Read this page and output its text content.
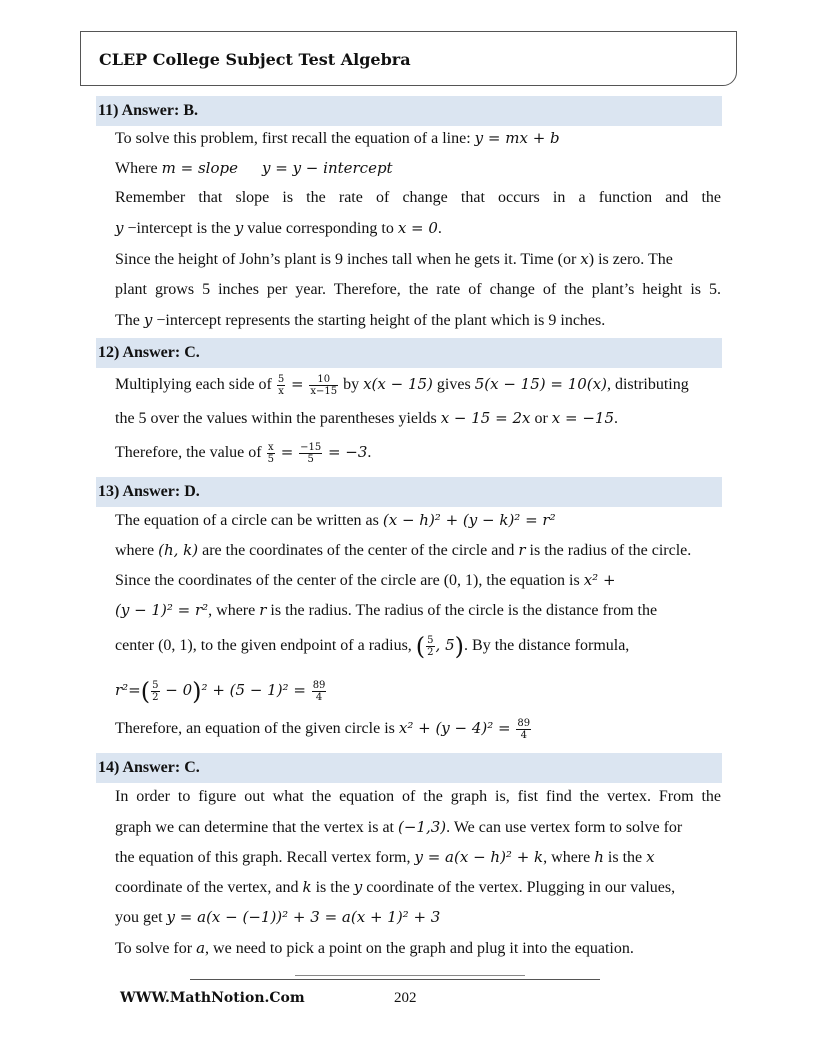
CLEP College Subject Test Algebra
11) Answer: B.
To solve this problem, first recall the equation of a line: y = mx + b
Where m = slope y = y − intercept
Remember that slope is the rate of change that occurs in a function and the
y −intercept is the y value corresponding to x = 0.
Since the height of John’s plant is 9 inches tall when he gets it. Time (or x) is zero. The
plant grows 5 inches per year. Therefore, the rate of change of the plant’s height is 5.
The y −intercept represents the starting height of the plant which is 9 inches.
12) Answer: C.
Multiplying each side of $\frac{5}{x} = \frac{10}{x-15}$ by x(x − 15) gives 5(x − 15) = 10(x), distributing
the 5 over the values within the parentheses yields x − 15 = 2x or x = −15.
Therefore, the value of $\frac{x}{5} = \frac{-15}{5} = -3$.
13) Answer: D.
The equation of a circle can be written as (x − h)² + (y − k)² = r²
where (h, k) are the coordinates of the center of the circle and r is the radius of the circle.
Since the coordinates of the center of the circle are (0, 1), the equation is x² +
(y − 1)² = r², where r is the radius. The radius of the circle is the distance from the
center (0, 1), to the given endpoint of a radius, ( $\frac{5}{2}$ , 5). By the distance formula,
$r^2=( \frac{5}{2} - 0)^2 + (5 - 1)^2 = \frac{89}{4}$
Therefore, an equation of the given circle is $x^2 + (y - 4)^2 = \frac{89}{4}$
14) Answer: C.
In order to figure out what the equation of the graph is, fist find the vertex. From the
graph we can determine that the vertex is at (−1,3). We can use vertex form to solve for
the equation of this graph. Recall vertex form, y = a(x − h)² + k, where h is the x
coordinate of the vertex, and k is the y coordinate of the vertex. Plugging in our values,
you get y = a(x − (−1))² + 3 = a(x + 1)² + 3
To solve for a, we need to pick a point on the graph and plug it into the equation.
WWW.MathNotion.Com	202
